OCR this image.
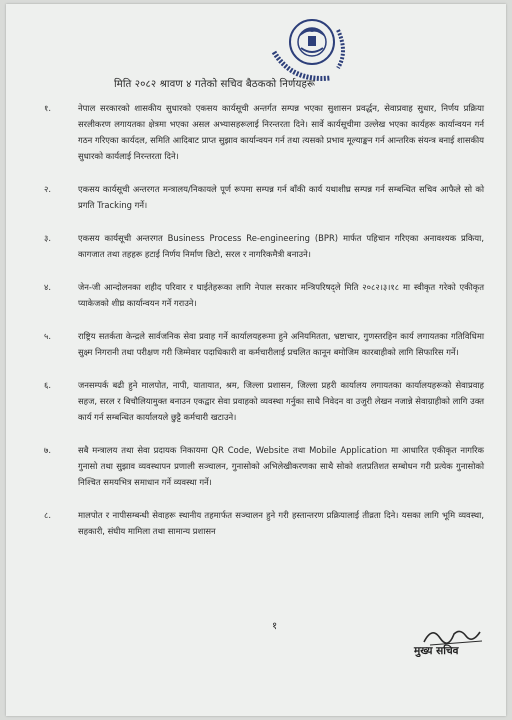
मिति २०८२ श्रावण ४ गतेको सचिव बैठकको निर्णयहरू
१.	नेपाल सरकारको शासकीय सुधारको एकसय कार्यसूची अन्तर्गत सम्पन्न भएका सुशासन प्रवर्द्धन, सेवाप्रवाह सुधार, निर्णय प्रक्रिया सरलीकरण लगायतका क्षेत्रमा भएका असल अभ्यासहरूलाई निरन्तरता दिने। सार्वे कार्यसूचीमा उल्लेख भएका कार्यहरू कार्यान्वयन गर्न गठन गरिएका कार्यदल, समिति आदिबाट प्राप्त सुझाव कार्यान्वयन गर्न तथा त्यसको प्रभाव मूल्याङ्कन गर्न आन्तरिक संयन्त्र बनाई शासकीय सुधारको कार्यलाई निरन्तरता दिने।
२.	एकसय कार्यसूची अन्तरगत मन्त्रालय/निकायले पूर्ण रूपमा सम्पन्न गर्न बाँकी कार्य यथाशीघ्र सम्पन्न गर्न सम्बन्धित सचिव आफैले सो को प्रगति Tracking गर्ने।
३.	एकसय कार्यसूची अन्तरगत Business Process Re-engineering (BPR) मार्फत पहिचान गरिएका अनावश्यक प्रकिया, कागजात तथा तहहरू हटाई निर्णय निर्माण छिटो, सरल र नागरिकमैत्री बनाउने।
४.	जेन-जी आन्दोलनका शहीद परिवार र घाईतेहरूका लागि नेपाल सरकार मन्त्रिपरिषद्ले मिति २०८२।३।१८ मा स्वीकृत गरेको एकीकृत प्याकेजको शीघ्र कार्यान्वयन गर्ने गराउने।
५.	राष्ट्रिय सतर्कता केन्द्रले सार्वजनिक सेवा प्रवाह गर्ने कार्यालयहरूमा हुने अनियमितता, भ्रष्टाचार, गुणस्तरहिन कार्य लगायतका गतिविधिमा सुक्ष्म निगरानी तथा परीक्षण गरी जिम्मेवार पदाधिकारी वा कर्मचारीलाई प्रचलित कानून बमोजिम कारबाहीको लागि सिफारिस गर्ने।
६.	जनसम्पर्क बढी हुने मालपोत, नापी, यातायात, श्रम, जिल्ला प्रशासन, जिल्ला प्रहरी कार्यालय लगायतका कार्यालयहरूको सेवाप्रवाह सहज, सरल र बिचौलियामुक्त बनाउन एकद्वार सेवा प्रवाहको व्यवस्था गर्नुका साथै निवेदन वा उजुरी लेखन नजान्ने सेवाग्राहीको लागि उक्त कार्य गर्न सम्बन्धित कार्यालयले छुट्टै कर्मचारी खटाउने।
७.	सबै मन्त्रालय तथा सेवा प्रदायक निकायमा QR Code, Website तथा Mobile Application मा आधारित एकीकृत नागरिक गुनासो तथा सुझाव व्यवस्थापन प्रणाली सञ्चालन, गुनासोको अभिलेखीकरणका साथै सोको शतप्रतिशत सम्बोधन गरी प्रत्येक गुनासोको निश्चित समयभित्र समाधान गर्ने व्यवस्था गर्ने।
८.	मालपोत र नापीसम्बन्धी सेवाहरू स्थानीय तहमार्फत सञ्चालन हुने गरी हस्तान्तरण प्रक्रियालाई तीव्रता दिने। यसका लागि भूमि व्यवस्था, सहकारी, संघीय मामिला तथा सामान्य प्रशासन
१
मुख्य सचिव
